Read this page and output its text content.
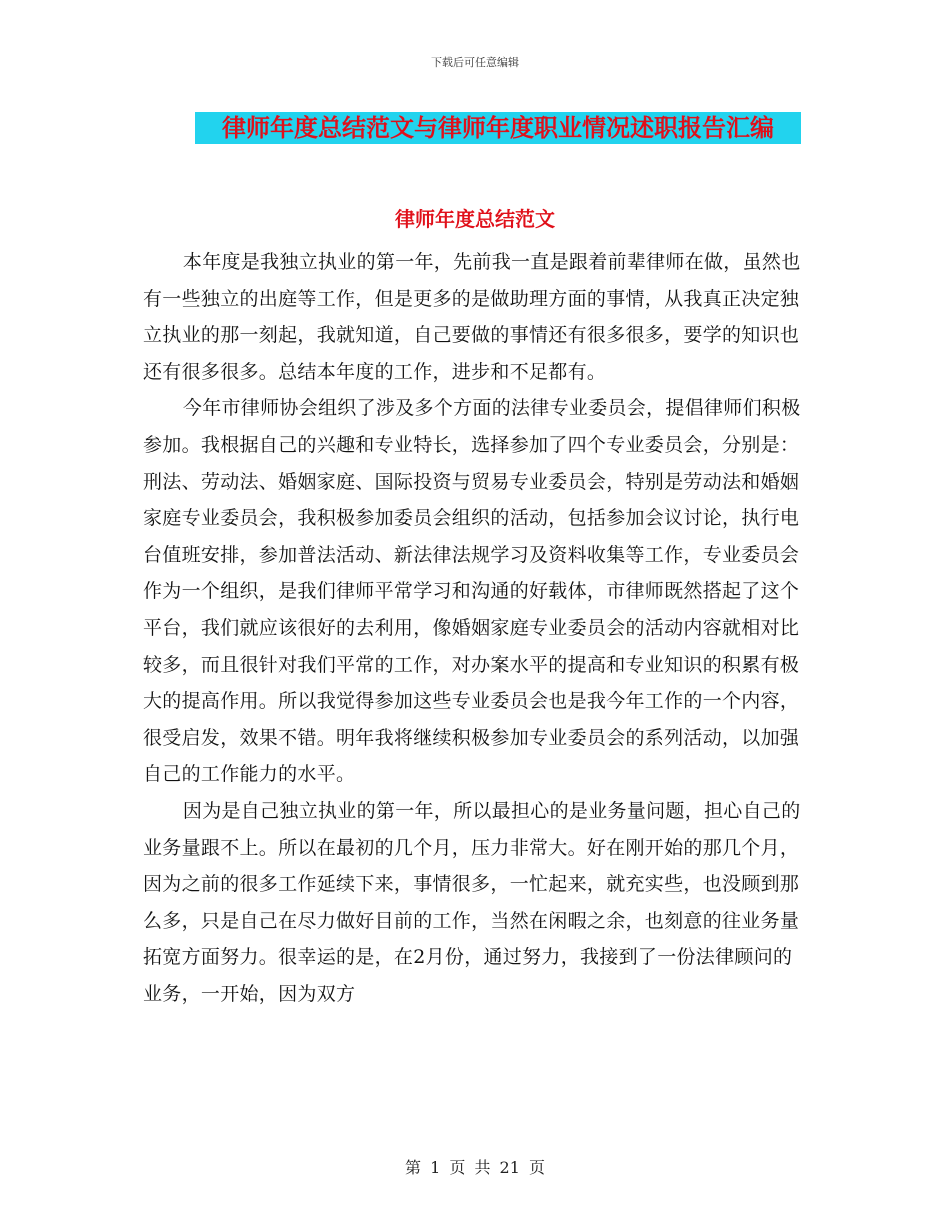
下载后可任意编辑
律师年度总结范文与律师年度职业情况述职报告汇编
律师年度总结范文

本年度是我独立执业的第一年，先前我一直是跟着前辈律师在做，虽然也有一些独立的出庭等工作，但是更多的是做助理方面的事情，从我真正决定独立执业的那一刻起，我就知道，自己要做的事情还有很多很多，要学的知识也还有很多很多。总结本年度的工作，进步和不足都有。

今年市律师协会组织了涉及多个方面的法律专业委员会，提倡律师们积极参加。我根据自己的兴趣和专业特长，选择参加了四个专业委员会，分别是：刑法、劳动法、婚姻家庭、国际投资与贸易专业委员会，特别是劳动法和婚姻家庭专业委员会，我积极参加委员会组织的活动，包括参加会议讨论，执行电台值班安排，参加普法活动、新法律法规学习及资料收集等工作，专业委员会作为一个组织，是我们律师平常学习和沟通的好载体，市律师既然搭起了这个平台，我们就应该很好的去利用，像婚姻家庭专业委员会的活动内容就相对比较多，而且很针对我们平常的工作，对办案水平的提高和专业知识的积累有极大的提高作用。所以我觉得参加这些专业委员会也是我今年工作的一个内容，很受启发，效果不错。明年我将继续积极参加专业委员会的系列活动，以加强自己的工作能力的水平。

因为是自己独立执业的第一年，所以最担心的是业务量问题，担心自己的业务量跟不上。所以在最初的几个月，压力非常大。好在刚开始的那几个月，因为之前的很多工作延续下来，事情很多，一忙起来，就充实些，也没顾到那么多，只是自己在尽力做好目前的工作，当然在闲暇之余，也刻意的往业务量拓宽方面努力。很幸运的是，在2月份，通过努力，我接到了一份法律顾问的业务，一开始，因为双方

第 1 页 共 21 页
